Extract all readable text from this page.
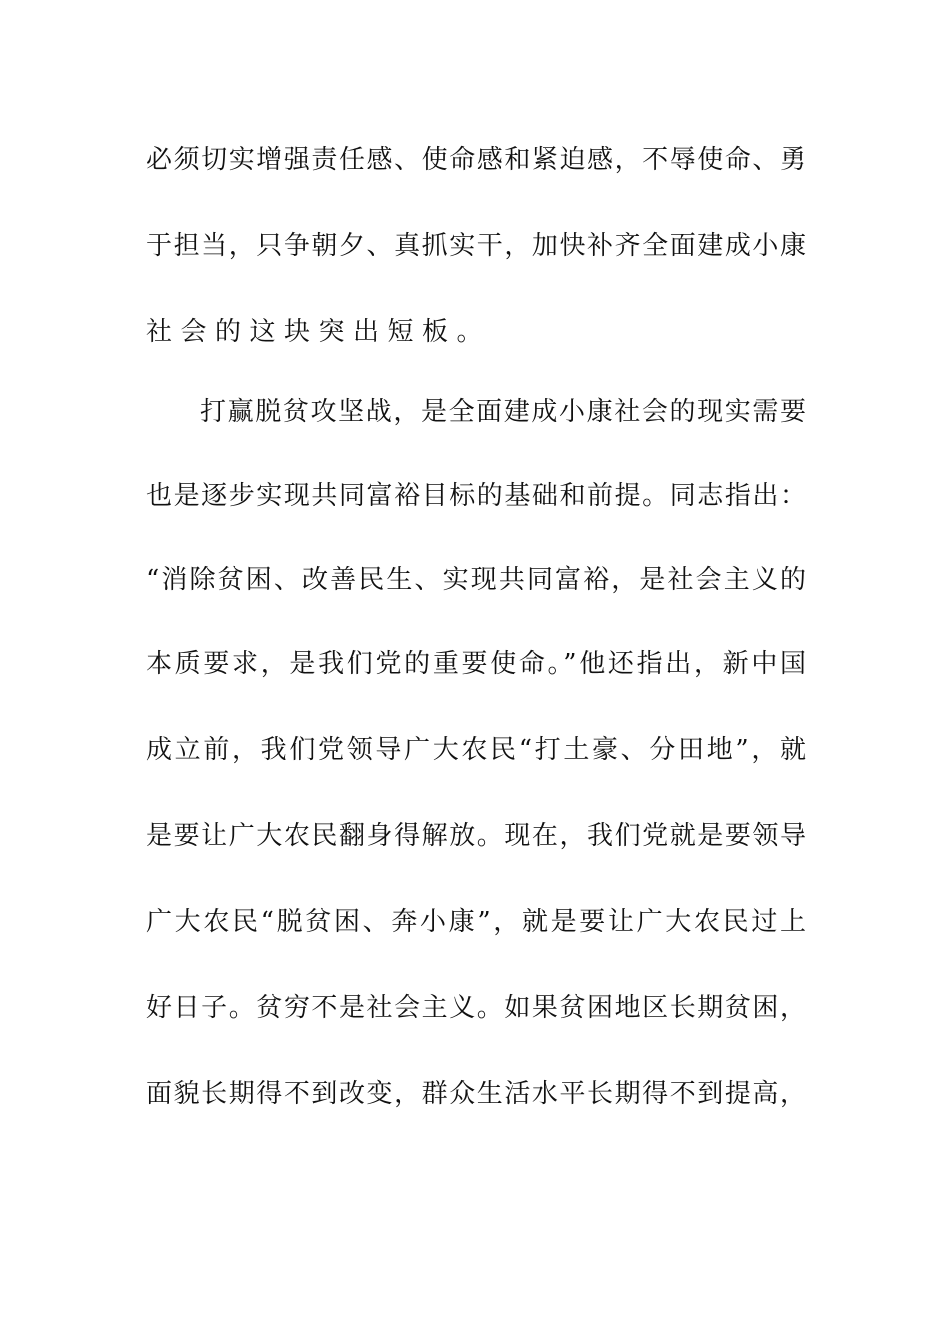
必须切实增强责任感、使命感和紧迫感，不辱使命、勇
于担当，只争朝夕、真抓实干，加快补齐全面建成小康
社会的这块突出短板。
打赢脱贫攻坚战，是全面建成小康社会的现实需要
也是逐步实现共同富裕目标的基础和前提。同志指出：
“消除贫困、改善民生、实现共同富裕，是社会主义的
本质要求，是我们党的重要使命。”他还指出，新中国
成立前，我们党领导广大农民“打土豪、分田地”，就
是要让广大农民翻身得解放。现在，我们党就是要领导
广大农民“脱贫困、奔小康”，就是要让广大农民过上
好日子。贫穷不是社会主义。如果贫困地区长期贫困，
面貌长期得不到改变，群众生活水平长期得不到提高，
